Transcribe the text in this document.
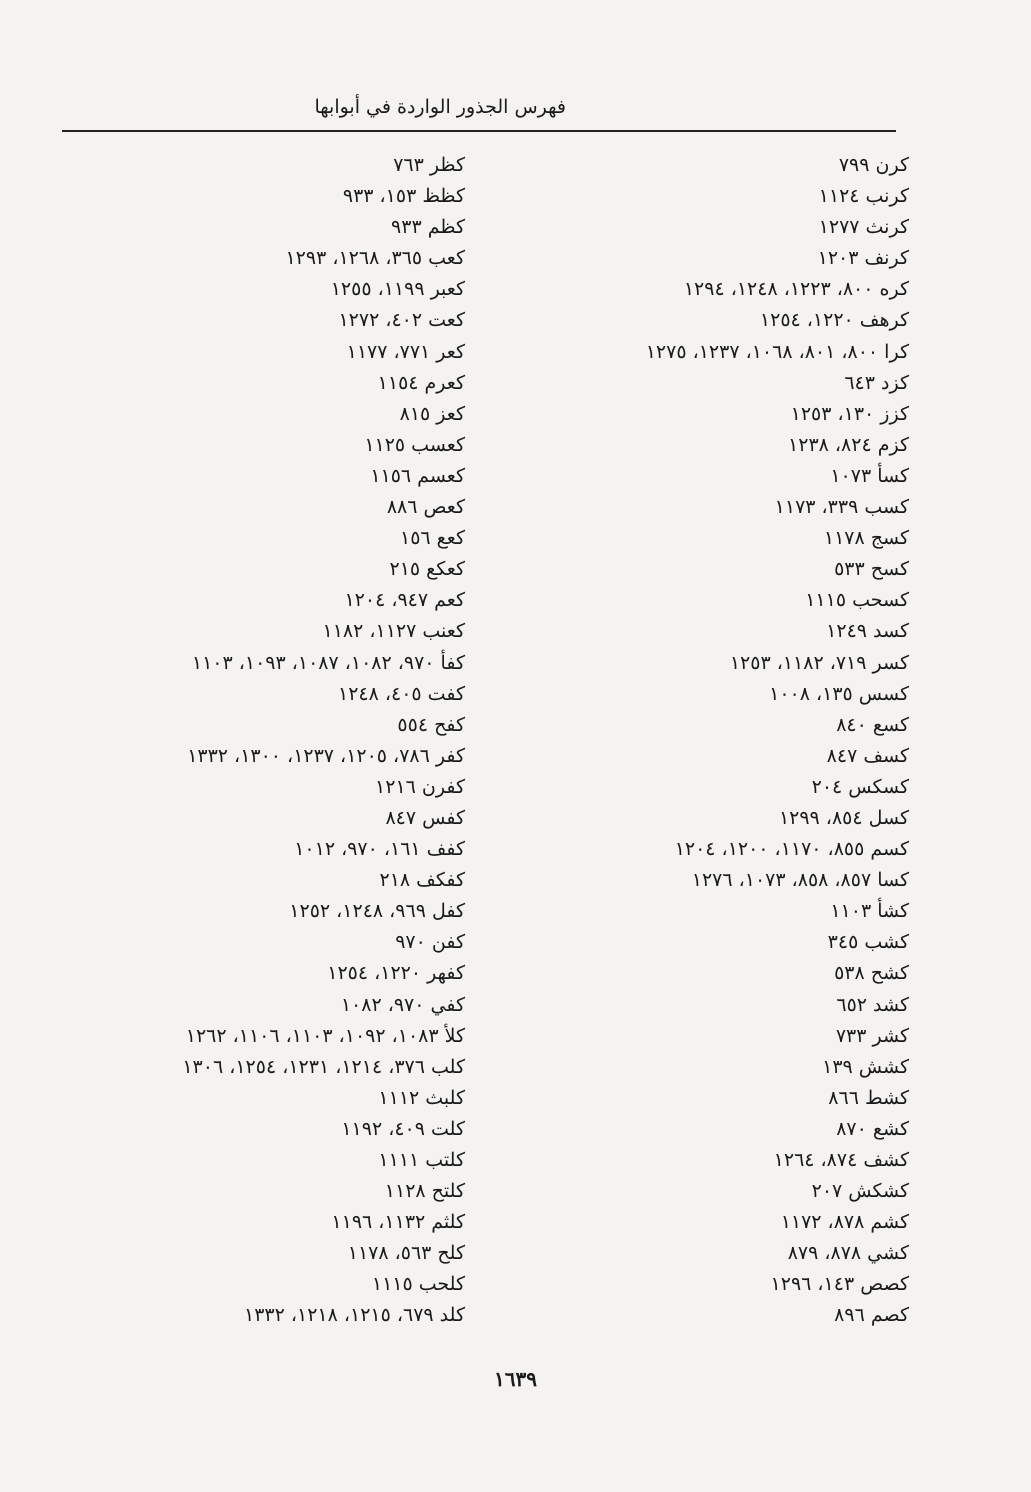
فهرس الجذور الواردة في أبوابها
كرن ٧٩٩
كرنب ١١٢٤
كرنث ١٢٧٧
كرنف ١٢٠٣
كره ٨٠٠، ١٢٢٣، ١٢٤٨، ١٢٩٤
كرهف ١٢٢٠، ١٢٥٤
كرا ٨٠٠، ٨٠١، ١٠٦٨، ١٢٣٧، ١٢٧٥
كزد ٦٤٣
كزز ١٣٠، ١٢٥٣
كزم ٨٢٤، ١٢٣٨
كسأ ١٠٧٣
كسب ٣٣٩، ١١٧٣
كسج ١١٧٨
كسح ٥٣٣
كسحب ١١١٥
كسد ١٢٤٩
كسر ٧١٩، ١١٨٢، ١٢٥٣
كسس ١٣٥، ١٠٠٨
كسع ٨٤٠
كسف ٨٤٧
كسكس ٢٠٤
كسل ٨٥٤، ١٢٩٩
كسم ٨٥٥، ١١٧٠، ١٢٠٠، ١٢٠٤
كسا ٨٥٧، ٨٥٨، ١٠٧٣، ١٢٧٦
كشأ ١١٠٣
كشب ٣٤٥
كشح ٥٣٨
كشد ٦٥٢
كشر ٧٣٣
كشش ١٣٩
كشط ٨٦٦
كشع ٨٧٠
كشف ٨٧٤، ١٢٦٤
كشكش ٢٠٧
كشم ٨٧٨، ١١٧٢
كشي ٨٧٨، ٨٧٩
كصص ١٤٣، ١٢٩٦
كصم ٨٩٦
كظر ٧٦٣
كظظ ١٥٣، ٩٣٣
كظم ٩٣٣
كعب ٣٦٥، ١٢٦٨، ١٢٩٣
كعبر ١١٩٩، ١٢٥٥
كعت ٤٠٢، ١٢٧٢
كعر ٧٧١، ١١٧٧
كعرم ١١٥٤
كعز ٨١٥
كعسب ١١٢٥
كعسم ١١٥٦
كعص ٨٨٦
كعع ١٥٦
كعكع ٢١٥
كعم ٩٤٧، ١٢٠٤
كعنب ١١٢٧، ١١٨٢
كفأ ٩٧٠، ١٠٨٢، ١٠٨٧، ١٠٩٣، ١١٠٣
كفت ٤٠٥، ١٢٤٨
كفح ٥٥٤
كفر ٧٨٦، ١٢٠٥، ١٢٣٧، ١٣٠٠، ١٣٣٢
كفرن ١٢١٦
كفس ٨٤٧
كفف ١٦١، ٩٧٠، ١٠١٢
كفكف ٢١٨
كفل ٩٦٩، ١٢٤٨، ١٢٥٢
كفن ٩٧٠
كفهر ١٢٢٠، ١٢٥٤
كفي ٩٧٠، ١٠٨٢
كلأ ١٠٨٣، ١٠٩٢، ١١٠٣، ١١٠٦، ١٢٦٢
كلب ٣٧٦، ١٢١٤، ١٢٣١، ١٢٥٤، ١٣٠٦
كلبث ١١١٢
كلت ٤٠٩، ١١٩٢
كلتب ١١١١
كلتح ١١٢٨
كلثم ١١٣٢، ١١٩٦
كلح ٥٦٣، ١١٧٨
كلحب ١١١٥
كلد ٦٧٩، ١٢١٥، ١٢١٨، ١٣٣٢
١٦٣٩
